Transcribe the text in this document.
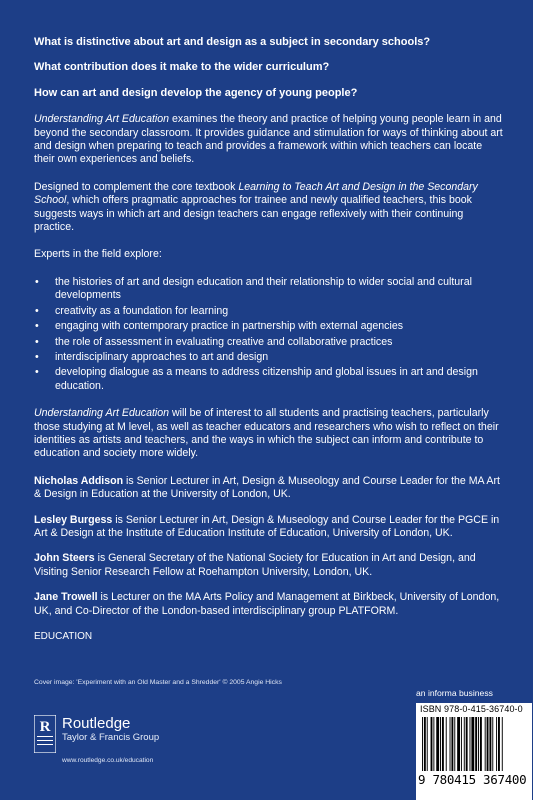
What is distinctive about art and design as a subject in secondary schools?

What contribution does it make to the wider curriculum?

How can art and design develop the agency of young people?

Understanding Art Education examines the theory and practice of helping young people learn in and beyond the secondary classroom. It provides guidance and stimulation for ways of thinking about art and design when preparing to teach and provides a framework within which teachers can locate their own experiences and beliefs.

Designed to complement the core textbook Learning to Teach Art and Design in the Secondary School, which offers pragmatic approaches for trainee and newly qualified teachers, this book suggests ways in which art and design teachers can engage reflexively with their continuing practice.

Experts in the field explore:

• the histories of art and design education and their relationship to wider social and cultural developments
• creativity as a foundation for learning
• engaging with contemporary practice in partnership with external agencies
• the role of assessment in evaluating creative and collaborative practices
• interdisciplinary approaches to art and design
• developing dialogue as a means to address citizenship and global issues in art and design education.

Understanding Art Education will be of interest to all students and practising teachers, particularly those studying at M level, as well as teacher educators and researchers who wish to reflect on their identities as artists and teachers, and the ways in which the subject can inform and contribute to education and society more widely.

Nicholas Addison is Senior Lecturer in Art, Design & Museology and Course Leader for the MA Art & Design in Education at the University of London, UK.

Lesley Burgess is Senior Lecturer in Art, Design & Museology and Course Leader for the PGCE in Art & Design at the Institute of Education Institute of Education, University of London, UK.

John Steers is General Secretary of the National Society for Education in Art and Design, and Visiting Senior Research Fellow at Roehampton University, London, UK.

Jane Trowell is Lecturer on the MA Arts Policy and Management at Birkbeck, University of London, UK, and Co-Director of the London-based interdisciplinary group PLATFORM.

EDUCATION
Cover image: 'Experiment with an Old Master and a Shredder' © 2005 Angie Hicks
R Routledge
Taylor & Francis Group
www.routledge.co.uk/education
an informa business
ISBN 978-0-415-36740-0
9 780415 367400
